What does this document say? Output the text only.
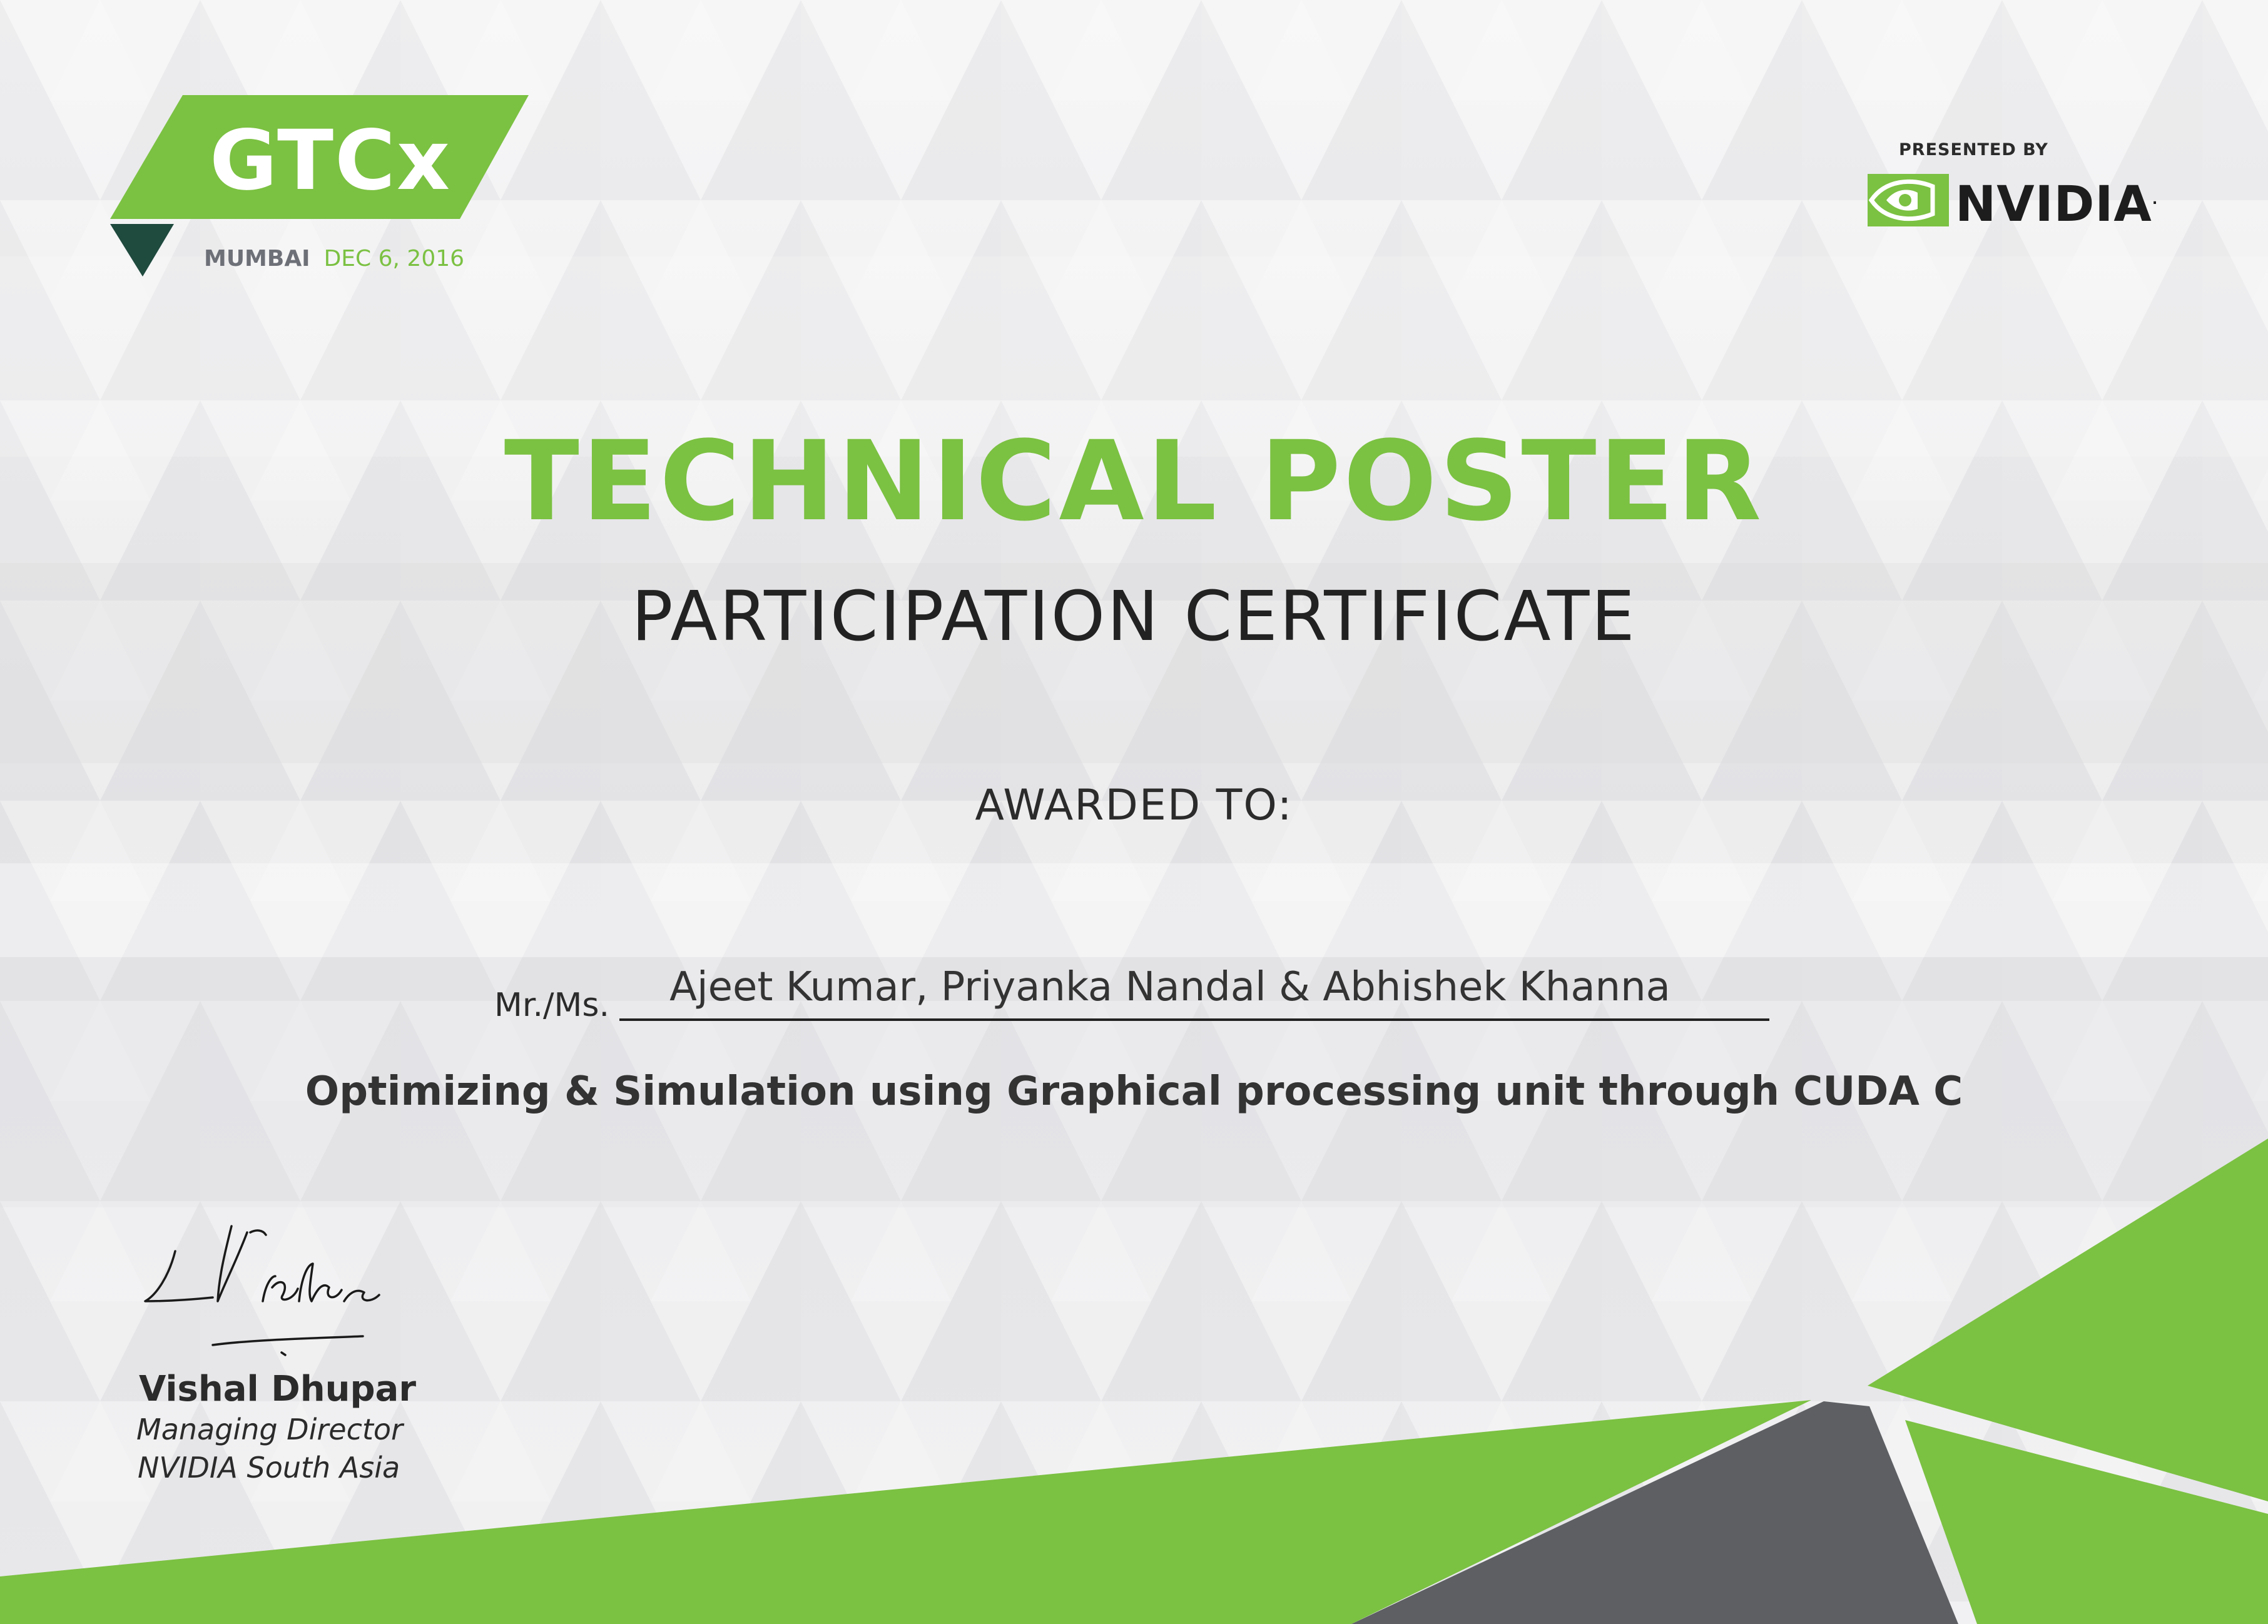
GTCx
MUMBAI DEC 6, 2016
PRESENTED BY
NVIDIA.
TECHNICAL POSTER
PARTICIPATION CERTIFICATE
AWARDED TO:
Mr./Ms.	Ajeet Kumar, Priyanka Nandal & Abhishek Khanna
Optimizing & Simulation using Graphical processing unit through CUDA C
Vishal Dhupar
Managing Director
NVIDIA South Asia
